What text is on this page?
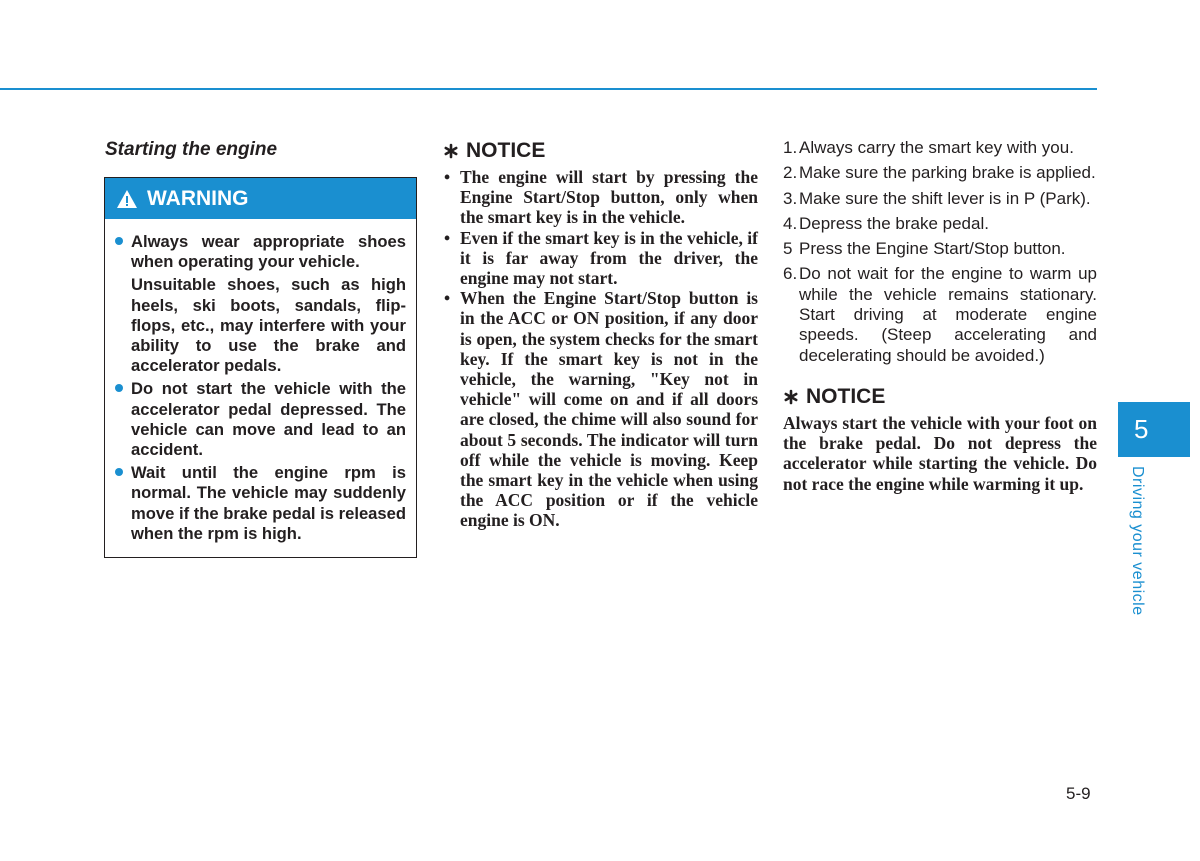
Starting the engine
WARNING

Always wear appropriate shoes when operating your vehicle.

Unsuitable shoes, such as high heels, ski boots, sandals, flip-flops, etc., may interfere with your ability to use the brake and accelerator pedals.

Do not start the vehicle with the accelerator pedal depressed. The vehicle can move and lead to an accident.

Wait until the engine rpm is normal. The vehicle may suddenly move if the brake pedal is released when the rpm is high.

NOTICE
• The engine will start by pressing the Engine Start/Stop button, only when the smart key is in the vehicle.
• Even if the smart key is in the vehicle, if it is far away from the driver, the engine may not start.
• When the Engine Start/Stop button is in the ACC or ON position, if any door is open, the system checks for the smart key. If the smart key is not in the vehicle, the warning, "Key not in vehicle" will come on and if all doors are closed, the chime will also sound for about 5 seconds. The indicator will turn off while the vehicle is moving. Keep the smart key in the vehicle when using the ACC position or if the vehicle engine is ON.
1. Always carry the smart key with you.
2. Make sure the parking brake is applied.
3. Make sure the shift lever is in P (Park).
4. Depress the brake pedal.
5 Press the Engine Start/Stop button.
6. Do not wait for the engine to warm up while the vehicle remains stationary. Start driving at moderate engine speeds. (Steep accelerating and decelerating should be avoided.)
NOTICE
Always start the vehicle with your foot on the brake pedal. Do not depress the accelerator while starting the vehicle. Do not race the engine while warming it up.
5
Driving your vehicle
5-9
